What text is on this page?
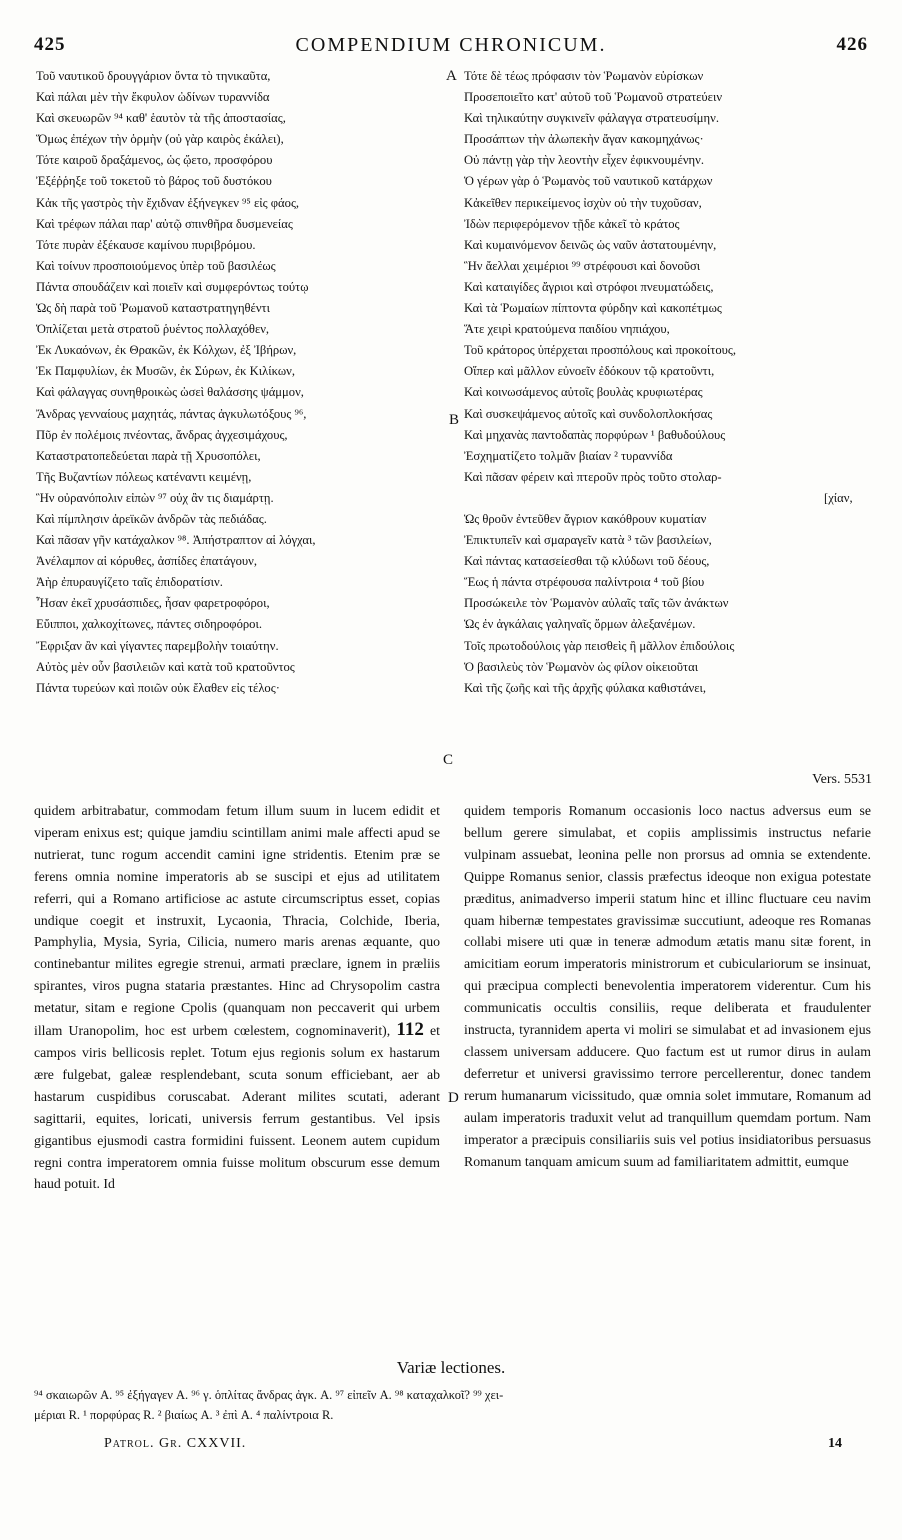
425	COMPENDIUM CHRONICUM.	426
Τοῦ ναυτικοῦ δρουγγάριον ὄντα τὸ τηνικαῦτα,
Καὶ πάλαι μὲν τὴν ἔκφυλον ὠδίνων τυραννίδα
Καὶ σκευωρῶν ⁹⁴ καθ' ἑαυτὸν τὰ τῆς ἀποστασίας,
Ὅμως ἐπέχων τὴν ὁρμὴν (οὐ γὰρ καιρὸς ἐκάλει),
Τότε καιροῦ δραξάμενος, ὡς ᾤετο, προσφόρου
Ἐξέῤῥηξε τοῦ τοκετοῦ τὸ βάρος τοῦ δυστόκου
Κἀκ τῆς γαστρὸς τὴν ἔχιδναν ἐξήνεγκεν ⁹⁵ εἰς φάος,
Καὶ τρέφων πάλαι παρ' αὐτῷ σπινθῆρα δυσμενείας
Τότε πυρὰν ἐξέκαυσε καμίνου πυριβρόμου.
Καὶ τοίνυν προσποιούμενος ὑπὲρ τοῦ βασιλέως
Πάντα σπουδάζειν καὶ ποιεῖν καὶ συμφερόντως τούτῳ
Ὡς δὴ παρὰ τοῦ Ῥωμανοῦ καταστρατηγηθέντι
Ὁπλίζεται μετὰ στρατοῦ ῥυέντος πολλαχόθεν,
Ἐκ Λυκαόνων, ἐκ Θρακῶν, ἐκ Κόλχων, ἐξ Ἰβήρων,
Ἐκ Παμφυλίων, ἐκ Μυσῶν, ἐκ Σύρων, ἐκ Κιλίκων,
Καὶ φάλαγγας συνηθροικὼς ὡσεὶ θαλάσσης ψάμμον,
Ἄνδρας γενναίους μαχητάς, πάντας ἀγκυλωτόξους ⁹⁶,
Πῦρ ἐν πολέμοις πνέοντας, ἄνδρας ἀγχεσιμάχους,
Καταστρατοπεδεύεται παρὰ τῇ Χρυσοπόλει,
Τῆς Βυζαντίων πόλεως κατέναντι κειμένῃ,
Ἣν οὐρανόπολιν εἰπὼν ⁹⁷ οὐχ ἂν τις διαμάρτῃ.
Καὶ πίμπλησιν ἀρεϊκῶν ἀνδρῶν τὰς πεδιάδας.
Καὶ πᾶσαν γῆν κατάχαλκον ⁹⁸. Ἀπήστραπτον αἱ λόγχαι,
Ἀνέλαμπον αἱ κόρυθες, ἀσπίδες ἐπατάγουν,
Ἀὴρ ἐπυραυγίζετο ταῖς ἐπιδορατίσιν.
Ἦσαν ἐκεῖ χρυσάσπιδες, ἦσαν φαρετροφόροι,
Εὔιπποι, χαλκοχίτωνες, πάντες σιδηροφόροι.
Ἔφριξαν ἂν καὶ γίγαντες παρεμβολὴν τοιαύτην.
Αὐτὸς μὲν οὖν βασιλειῶν καὶ κατὰ τοῦ κρατοῦντος
Πάντα τυρεύων καὶ ποιῶν οὐκ ἔλαθεν εἰς τέλος·
Τότε δὲ τέως πρόφασιν τὸν Ῥωμανὸν εὑρίσκων
Προσεποιεῖτο κατ' αὐτοῦ τοῦ Ῥωμανοῦ στρατεύειν
Καὶ τηλικαύτην συγκινεῖν φάλαγγα στρατευσίμην.
Προσάπτων τὴν ἀλωπεκὴν ἄγαν κακομηχάνως·
Οὐ πάντῃ γὰρ τὴν λεοντὴν εἶχεν ἐφικνουμένην.
Ὁ γέρων γὰρ ὁ Ῥωμανὸς τοῦ ναυτικοῦ κατάρχων
Κἀκεῖθεν περικείμενος ἰσχὺν οὐ τὴν τυχοῦσαν,
Ἰδὼν περιφερόμενον τῇδε κἀκεῖ τὸ κράτος
Καὶ κυμαινόμενον δεινῶς ὡς ναῦν ἀστατουμένην,
Ἣν ἄελλαι χειμέριοι ⁹⁹ στρέφουσι καὶ δονοῦσι
Καὶ καταιγίδες ἄγριοι καὶ στρόφοι πνευματώδεις,
Καὶ τὰ Ῥωμαίων πίπτοντα φύρδην καὶ κακοπέτμως
Ἅτε χειρὶ κρατούμενα παιδίου νηπιάχου,
Τοῦ κράτορος ὑπέρχεται προσπόλους καὶ προκοίτους,
Οἵπερ καὶ μᾶλλον εὐνοεῖν ἐδόκουν τῷ κρατοῦντι,
Καὶ κοινωσάμενος αὐτοῖς βουλὰς κρυφιωτέρας
Καὶ συσκεψάμενος αὐτοῖς καὶ συνδολοπλοκήσας
Καὶ μηχανὰς παντοδαπὰς πορφύρων ¹ βαθυδούλους
Ἐσχηματίζετο τολμᾶν βιαίαν ² τυραννίδα
Καὶ πᾶσαν φέρειν καὶ πτεροῦν πρὸς τοῦτο στολαρ-
[χίαν,
Ὡς θροῦν ἐντεῦθεν ἄγριον κακόθρουν κυματίαν
Ἐπικτυπεῖν καὶ σμαραγεῖν κατὰ ³ τῶν βασιλείων,
Καὶ πάντας κατασείεσθαι τῷ κλύδωνι τοῦ δέους,
Ἕως ἡ πάντα στρέφουσα παλίντροια ⁴ τοῦ βίου
Προσώκειλε τὸν Ῥωμανὸν αὐλαῖς ταῖς τῶν ἀνάκτων
Ὡς ἐν ἀγκάλαις γαληναῖς ὅρμων ἀλεξανέμων.
Τοῖς πρωτοδούλοις γὰρ πεισθεὶς ἢ μᾶλλον ἐπιδούλοις
Ὁ βασιλεὺς τὸν Ῥωμανὸν ὡς φίλον οἰκειοῦται
Καὶ τῆς ζωῆς καὶ τῆς ἀρχῆς φύλακα καθιστάνει,
A
B
C
D
Vers. 5531
quidem arbitrabatur, commodam fetum illum suum in lucem edidit et viperam enixus est; quique jamdiu scintillam animi male affecti apud se nutrierat, tunc rogum accendit camini igne stridentis. Etenim præ se ferens omnia nomine imperatoris ab se suscipi et ejus ad utilitatem referri, qui a Romano artificiose ac astute circumscriptus esset, copias undique coegit et instruxit, Lycaonia, Thracia, Colchide, Iberia, Pamphylia, Mysia, Syria, Cilicia, numero maris arenas æquante, quo continebantur milites egregie strenui, armati præclare, ignem in præliis spirantes, viros pugna stataria præstantes. Hinc ad Chrysopolim castra metatur, sitam e regione Cpolis (quanquam non peccaverit qui urbem illam Uranopolim, hoc est urbem cœlestem, cognominaverit), 112 et campos viris bellicosis replet. Totum ejus regionis solum ex hastarum ære fulgebat, galeæ resplendebant, scuta sonum efficiebant, aer ab hastarum cuspidibus coruscabat. Aderant milites scutati, aderant sagittarii, equites, loricati, universis ferrum gestantibus. Vel ipsis gigantibus ejusmodi castra formidini fuissent. Leonem autem cupidum regni contra imperatorem omnia fuisse molitum obscurum esse demum haud potuit. Id
quidem temporis Romanum occasionis loco nactus adversus eum se bellum gerere simulabat, et copiis amplissimis instructus nefarie vulpinam assuebat, leonina pelle non prorsus ad omnia se extendente. Quippe Romanus senior, classis præfectus ideoque non exigua potestate præditus, animadverso imperii statum hinc et illinc fluctuare ceu navim quam hibernæ tempestates gravissimæ succutiunt, adeoque res Romanas collabi misere uti quæ in teneræ admodum ætatis manu sitæ forent, in amicitiam eorum imperatoris ministrorum et cubiculariorum se insinuat, qui præcipua complecti benevolentia imperatorem viderentur. Cum his communicatis occultis consiliis, reque deliberata et fraudulenter instructa, tyrannidem aperta vi moliri se simulabat et ad invasionem ejus classem universam adducere. Quo factum est ut rumor dirus in aulam deferretur et universi gravissimo terrore percellerentur, donec tandem rerum humanarum vicissitudo, quæ omnia solet immutare, Romanum ad aulam imperatoris traduxit velut ad tranquillum quemdam portum. Nam imperator a præcipuis consiliariis suis vel potius insidiatoribus persuasus Romanum tanquam amicum suum ad familiaritatem admittit, eumque
Variæ lectiones.
⁹⁴ σκαιωρῶν A. ⁹⁵ ἐξήγαγεν A. ⁹⁶ γ. ὁπλίτας ἄνδρας ἀγκ. A. ⁹⁷ εἰπεῖν A. ⁹⁸ καταχαλκοῖ? ⁹⁹ χει-
μέριαι R. ¹ πορφύρας R. ² βιαίως A. ³ ἐπὶ A. ⁴ παλίντροια R.
Patrol. Gr. CXXVII.	14
